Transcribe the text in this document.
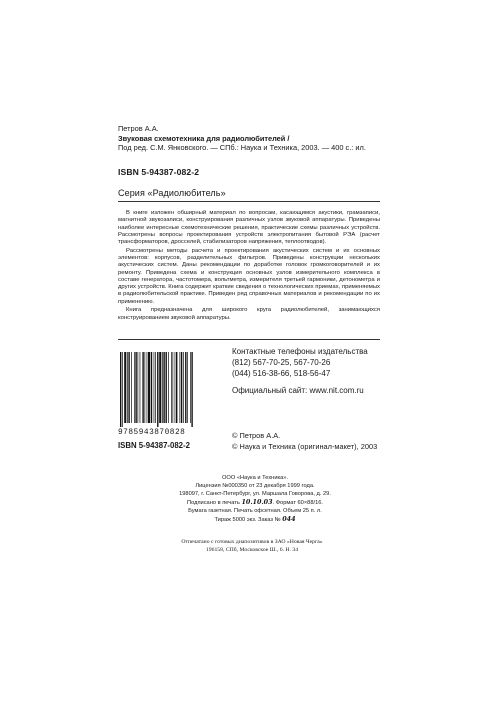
Петров А.А.
Звуковая схемотехника для радиолюбителей /
Под ред. С.М. Янковского. — СПб.: Наука и Техника, 2003. — 400 с.: ил.
ISBN 5-94387-082-2
Серия «Радиолюбитель»

В книге изложен обширный материал по вопросам, касающимся акустики, грамзаписи, магнитной звукозаписи, конструирования различных узлов звуковой аппаратуры. Приведены наиболее интересные схемотехнические решения, практические схемы различных устройств. Рассмотрены вопросы проектирования устройств электропитания бытовой РЭА (расчет трансформаторов, дросселей, стабилизаторов напряжения, теплоотводов).

Рассмотрены методы расчета и проектирования акустических систем и их основных элементов: корпусов, разделительных фильтров. Приведены конструкции нескольких акустических систем. Даны рекомендации по доработке головок громкоговорителей и их ремонту. Приведена схема и конструкция основных узлов измерительного комплекса в составе генератора, частотомера, вольтметра, измерителя третьей гармоники, детонометра и других устройств. Книга содержит краткие сведения о технологических приемах, применяемых в радиолюбительской практике. Приведен ряд справочных материалов и рекомендации по их применению.

Книга предназначена для широкого круга радиолюбителей, занимающихся конструированием звуковой аппаратуры.

Контактные телефоны издательства
(812) 567-70-25, 567-70-26
(044) 516-38-66, 518-56-47
Официальный сайт: www.nit.com.ru
9785943870828
ISBN 5-94387-082-2
© Петров А.А.
© Наука и Техника (оригинал-макет), 2003
ООО «Наука и Техника».
Лицензия №000350 от 23 декабря 1999 года.
198097, г. Санкт-Петербург, ул. Маршала Говорова, д. 29.
Подписано в печать 10.10.03. Формат 60×88/16.
Бумага газетная. Печать офсетная. Объем 25 п. л.
Тираж 5000 экз. Заказ № 044
Отпечатано с готовых диапозитивов в ЗАО «Новая Черга»
196158, СПб, Московское Ш., 6. Н. 34
